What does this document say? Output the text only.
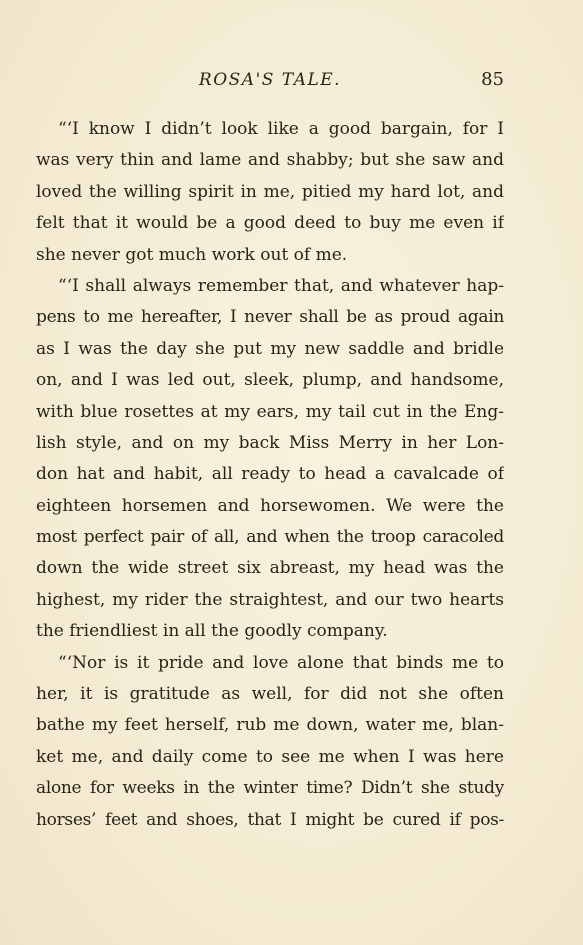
ROSA'S TALE.	85
“‘I know I didn’t look like a good bargain, for I
was very thin and lame and shabby; but she saw and
loved the willing spirit in me, pitied my hard lot, and
felt that it would be a good deed to buy me even if
she never got much work out of me.
“‘I shall always remember that, and whatever hap-
pens to me hereafter, I never shall be as proud again
as I was the day she put my new saddle and bridle
on, and I was led out, sleek, plump, and handsome,
with blue rosettes at my ears, my tail cut in the Eng-
lish style, and on my back Miss Merry in her Lon-
don hat and habit, all ready to head a cavalcade of
eighteen horsemen and horsewomen. We were the
most perfect pair of all, and when the troop caracoled
down the wide street six abreast, my head was the
highest, my rider the straightest, and our two hearts
the friendliest in all the goodly company.
“‘Nor is it pride and love alone that binds me to
her, it is gratitude as well, for did not she often
bathe my feet herself, rub me down, water me, blan-
ket me, and daily come to see me when I was here
alone for weeks in the winter time? Didn’t she study
horses’ feet and shoes, that I might be cured if pos-
